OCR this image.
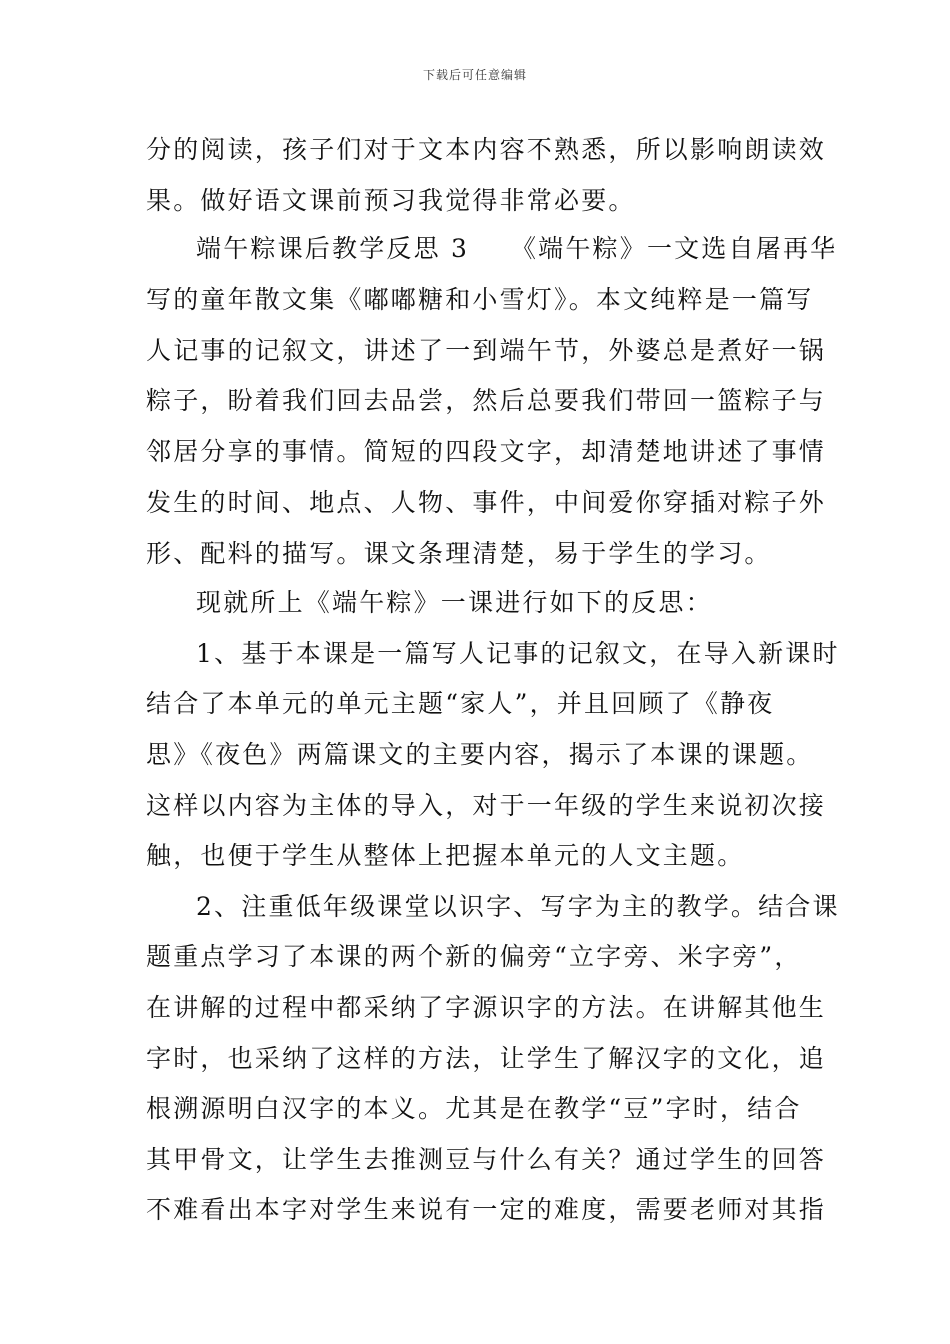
下载后可任意编辑
分的阅读，孩子们对于文本内容不熟悉，所以影响朗读效
果。做好语文课前预习我觉得非常必要。
端午粽课后教学反思 3　　《端午粽》一文选自屠再华
写的童年散文集《嘟嘟糖和小雪灯》。本文纯粹是一篇写
人记事的记叙文，讲述了一到端午节，外婆总是煮好一锅
粽子，盼着我们回去品尝，然后总要我们带回一篮粽子与
邻居分享的事情。简短的四段文字，却清楚地讲述了事情
发生的时间、地点、人物、事件，中间爱你穿插对粽子外
形、配料的描写。课文条理清楚，易于学生的学习。
现就所上《端午粽》一课进行如下的反思：
1、基于本课是一篇写人记事的记叙文，在导入新课时
结合了本单元的单元主题“家人”，并且回顾了《静夜
思》《夜色》两篇课文的主要内容，揭示了本课的课题。
这样以内容为主体的导入，对于一年级的学生来说初次接
触，也便于学生从整体上把握本单元的人文主题。
2、注重低年级课堂以识字、写字为主的教学。结合课
题重点学习了本课的两个新的偏旁“立字旁、米字旁”，
在讲解的过程中都采纳了字源识字的方法。在讲解其他生
字时，也采纳了这样的方法，让学生了解汉字的文化，追
根溯源明白汉字的本义。尤其是在教学“豆”字时，结合
其甲骨文，让学生去推测豆与什么有关？通过学生的回答
不难看出本字对学生来说有一定的难度，需要老师对其指
